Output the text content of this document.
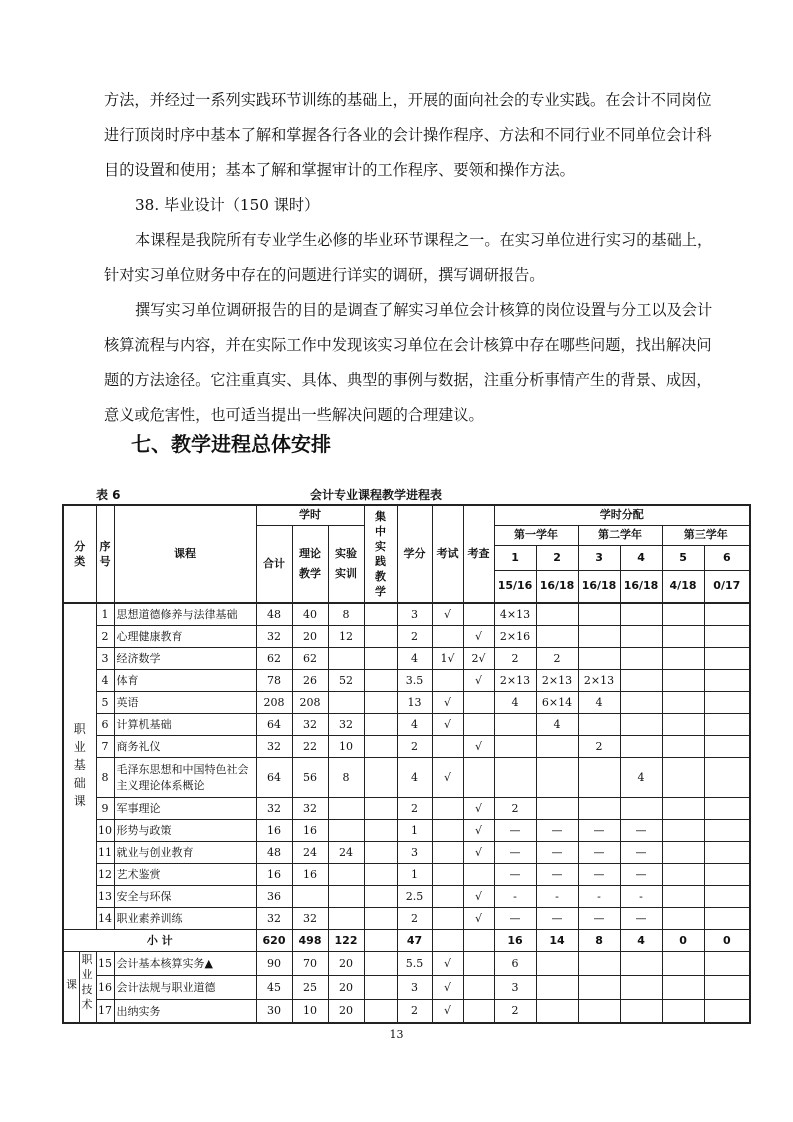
方法，并经过一系列实践环节训练的基础上，开展的面向社会的专业实践。在会计不同岗位进行顶岗时序中基本了解和掌握各行各业的会计操作程序、方法和不同行业不同单位会计科目的设置和使用；基本了解和掌握审计的工作程序、要领和操作方法。

38. 毕业设计（150 课时）

本课程是我院所有专业学生必修的毕业环节课程之一。在实习单位进行实习的基础上，针对实习单位财务中存在的问题进行详实的调研，撰写调研报告。

撰写实习单位调研报告的目的是调查了解实习单位会计核算的岗位设置与分工以及会计核算流程与内容，并在实际工作中发现该实习单位在会计核算中存在哪些问题，找出解决问题的方法途径。它注重真实、具体、典型的事例与数据，注重分析事情产生的背景、成因，意义或危害性，也可适当提出一些解决问题的合理建议。

七、教学进程总体安排
表 6	会计专业课程教学进程表
分类	序号	课程	学时			集中实践教学	学分	考试	考查	学时分配					
			合计	理论教学	实验实训					第一学年		第二学年		第三学年	
										1	2	3	4	5	6
										15/16	16/18	16/18	16/18	4/18	0/17
职业基础课	1	思想道德修养与法律基础	48	40	8		3	√		4×13					
	2	心理健康教育	32	20	12		2		√	2×16					
	3	经济数学	62	62			4	1√	2√	2	2				
	4	体育	78	26	52		3.5		√	2×13	2×13	2×13			
	5	英语	208	208			13	√		4	6×14	4			
	6	计算机基础	64	32	32		4	√			4				
	7	商务礼仪	32	22	10		2		√			2			
	8	毛泽东思想和中国特色社会主义理论体系概论	64	56	8		4	√					4		
	9	军事理论	32	32			2		√	2					
	10	形势与政策	16	16			1		√	—	—	—	—		
	11	就业与创业教育	48	24	24		3		√	—	—	—	—		
	12	艺术鉴赏	16	16			1			—	—	—	—		
	13	安全与环保	36				2.5		√	-	-	-	-		
	14	职业素养训练	32	32			2		√	—	—	—	—		
小 计			620	498	122		47			16	14	8	4	0	0

课
职业技术	15	会计基本核算实务▲	90	70	20		5.5	√		6					
	16	会计法规与职业道德	45	25	20		3	√		3					
	17	出纳实务	30	10	20		2	√		2					
13
